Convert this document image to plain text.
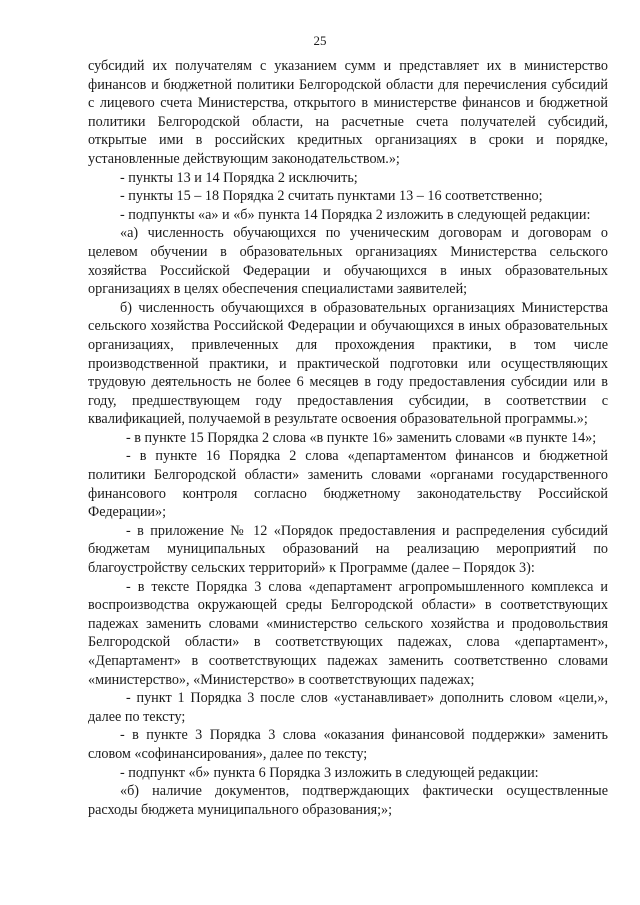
25

субсидий их получателям с указанием сумм и представляет их в министерство финансов и бюджетной политики Белгородской области для перечисления субсидий с лицевого счета Министерства, открытого в министерстве финансов и бюджетной политики Белгородской области, на расчетные счета получателей субсидий, открытые ими в российских кредитных организациях в сроки и порядке, установленные действующим законодательством.»;

- пункты 13 и 14 Порядка 2 исключить;

- пункты 15 – 18 Порядка 2 считать пунктами 13 – 16 соответственно;

- подпункты «а» и «б» пункта 14 Порядка 2 изложить в следующей редакции:

«а) численность обучающихся по ученическим договорам и договорам о целевом обучении в образовательных организациях Министерства сельского хозяйства Российской Федерации и обучающихся в иных образовательных организациях в целях обеспечения специалистами заявителей;

б) численность обучающихся в образовательных организациях Министерства сельского хозяйства Российской Федерации и обучающихся в иных образовательных организациях, привлеченных для прохождения практики, в том числе производственной практики, и практической подготовки или осуществляющих трудовую деятельность не более 6 месяцев в году предоставления субсидии или в году, предшествующем году предоставления субсидии, в соответствии с квалификацией, получаемой в результате освоения образовательной программы.»;

- в пункте 15 Порядка 2 слова «в пункте 16» заменить словами «в пункте 14»;

- в пункте 16 Порядка 2 слова «департаментом финансов и бюджетной политики Белгородской области» заменить словами «органами государственного финансового контроля согласно бюджетному законодательству Российской Федерации»;

- в приложение № 12 «Порядок предоставления и распределения субсидий бюджетам муниципальных образований на реализацию мероприятий по благоустройству сельских территорий» к Программе (далее – Порядок 3):

- в тексте Порядка 3 слова «департамент агропромышленного комплекса и воспроизводства окружающей среды Белгородской области» в соответствующих падежах заменить словами «министерство сельского хозяйства и продовольствия Белгородской области» в соответствующих падежах, слова «департамент», «Департамент» в соответствующих падежах заменить соответственно словами «министерство», «Министерство» в соответствующих падежах;

- пункт 1 Порядка 3 после слов «устанавливает» дополнить словом «цели,», далее по тексту;

- в пункте 3 Порядка 3 слова «оказания финансовой поддержки» заменить словом «софинансирования», далее по тексту;

- подпункт «б» пункта 6 Порядка 3 изложить в следующей редакции:

«б) наличие документов, подтверждающих фактически осуществленные расходы бюджета муниципального образования;»;
